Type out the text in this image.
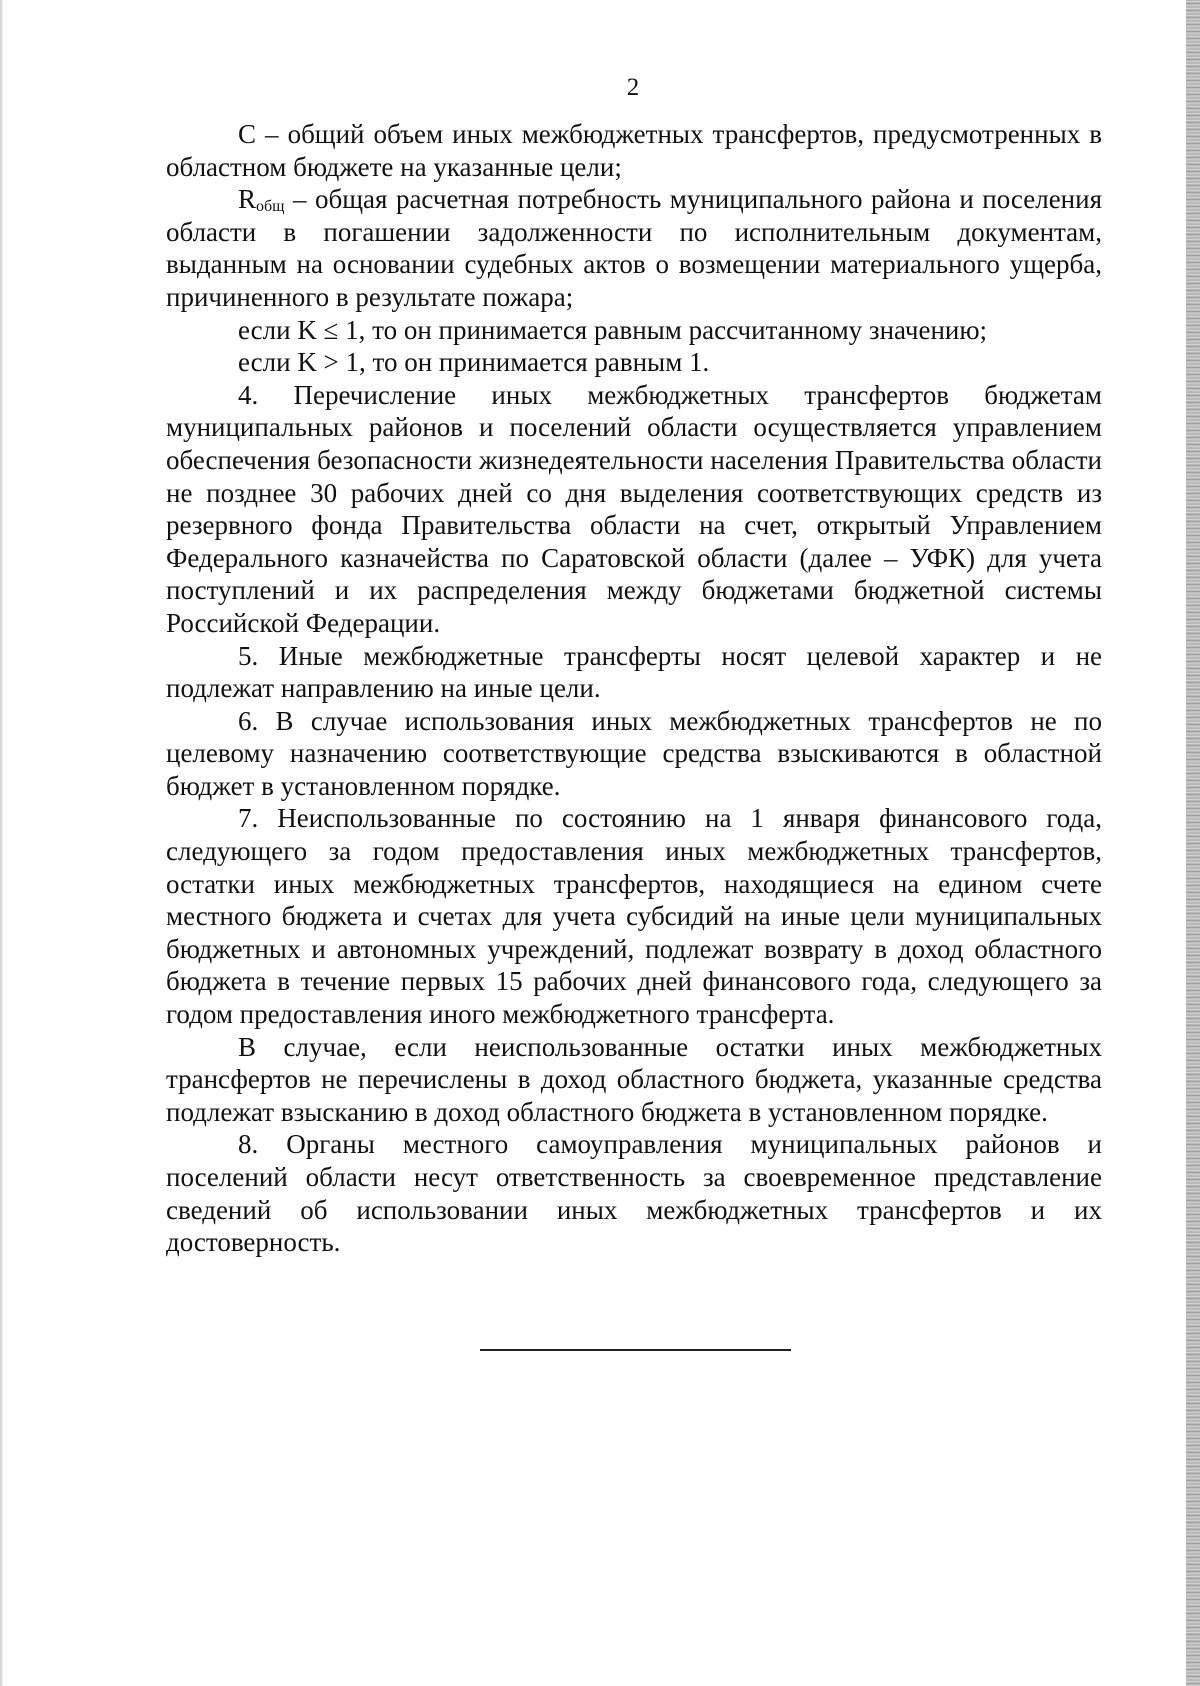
2

С – общий объем иных межбюджетных трансфертов, предусмотренных в областном бюджете на указанные цели;

$R_{общ}$ – общая расчетная потребность муниципального района и поселения области в погашении задолженности по исполнительным документам, выданным на основании судебных актов о возмещении материального ущерба, причиненного в результате пожара;

если K ≤ 1, то он принимается равным рассчитанному значению;

если K > 1, то он принимается равным 1.

4. Перечисление иных межбюджетных трансфертов бюджетам муниципальных районов и поселений области осуществляется управлением обеспечения безопасности жизнедеятельности населения Правительства области не позднее 30 рабочих дней со дня выделения соответствующих средств из резервного фонда Правительства области на счет, открытый Управлением Федерального казначейства по Саратовской области (далее – УФК) для учета поступлений и их распределения между бюджетами бюджетной системы Российской Федерации.

5. Иные межбюджетные трансферты носят целевой характер и не подлежат направлению на иные цели.

6. В случае использования иных межбюджетных трансфертов не по целевому назначению соответствующие средства взыскиваются в областной бюджет в установленном порядке.

7. Неиспользованные по состоянию на 1 января финансового года, следующего за годом предоставления иных межбюджетных трансфертов, остатки иных межбюджетных трансфертов, находящиеся на едином счете местного бюджета и счетах для учета субсидий на иные цели муниципальных бюджетных и автономных учреждений, подлежат возврату в доход областного бюджета в течение первых 15 рабочих дней финансового года, следующего за годом предоставления иного межбюджетного трансферта.

В случае, если неиспользованные остатки иных межбюджетных трансфертов не перечислены в доход областного бюджета, указанные средства подлежат взысканию в доход областного бюджета в установленном порядке.

8. Органы местного самоуправления муниципальных районов и поселений области несут ответственность за своевременное представление сведений об использовании иных межбюджетных трансфертов и их достоверность.
